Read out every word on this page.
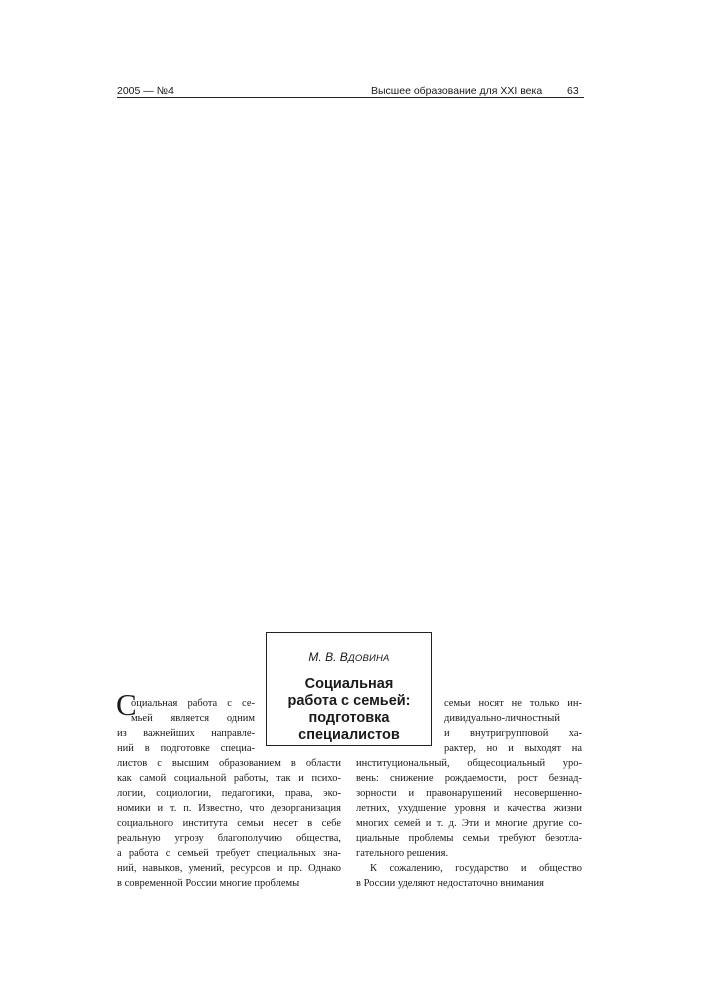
2005 — №4	Высшее образование для XXI века 63
М. В. ВДОВИНА
Социальная
работа с семьей:
подготовка
специалистов
С
оциальная работа с се-
мьей является одним
из важнейших направле-
ний в подготовке специа-
листов с высшим образованием в области
как самой социальной работы, так и психо-
логии, социологии, педагогики, права, эко-
номики и т. п. Известно, что дезорганизация
социального института семьи несет в себе
реальную угрозу благополучию общества,
а работа с семьей требует специальных зна-
ний, навыков, умений, ресурсов и пр. Однако
в современной России многие проблемы
семьи носят не только ин-
дивидуально-личностный
и внутригрупповой ха-
рактер, но и выходят на
институциональный, общесоциальный уро-
вень: снижение рождаемости, рост безнад-
зорности и правонарушений несовершенно-
летних, ухудшение уровня и качества жизни
многих семей и т. д. Эти и многие другие со-
циальные проблемы семьи требуют безотла-
гательного решения.
К сожалению, государство и общество
в России уделяют недостаточно внимания
